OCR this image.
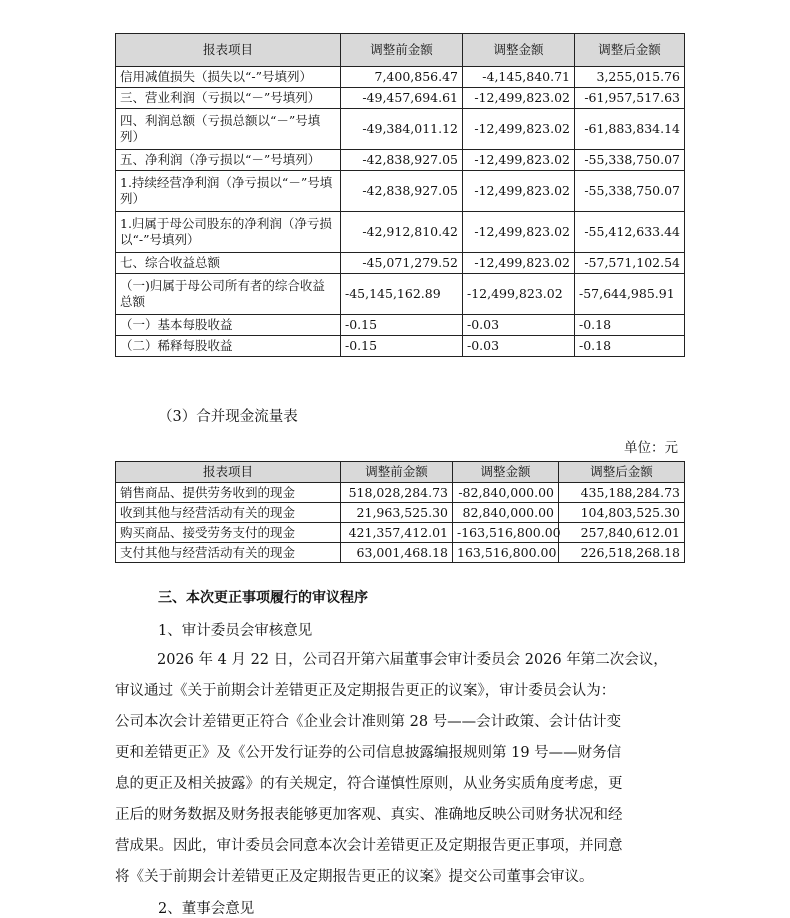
报表项目	调整前金额	调整金额	调整后金额
信用减值损失（损失以“-”号填列）	7,400,856.47	-4,145,840.71	3,255,015.76
三、营业利润（亏损以“－”号填列）	-49,457,694.61	-12,499,823.02	-61,957,517.63
四、利润总额（亏损总额以“－”号填列）	-49,384,011.12	-12,499,823.02	-61,883,834.14
五、净利润（净亏损以“－”号填列）	-42,838,927.05	-12,499,823.02	-55,338,750.07
1.持续经营净利润（净亏损以“－”号填列）	-42,838,927.05	-12,499,823.02	-55,338,750.07
1.归属于母公司股东的净利润（净亏损以“-”号填列）	-42,912,810.42	-12,499,823.02	-55,412,633.44
七、综合收益总额	-45,071,279.52	-12,499,823.02	-57,571,102.54
（一)归属于母公司所有者的综合收益总额	-45,145,162.89	-12,499,823.02	-57,644,985.91
（一）基本每股收益	-0.15	-0.03	-0.18
（二）稀释每股收益	-0.15	-0.03	-0.18
（3）合并现金流量表
单位：元
报表项目	调整前金额	调整金额	调整后金额
销售商品、提供劳务收到的现金	518,028,284.73	-82,840,000.00	435,188,284.73
收到其他与经营活动有关的现金	21,963,525.30	82,840,000.00	104,803,525.30
购买商品、接受劳务支付的现金	421,357,412.01	-163,516,800.00	257,840,612.01
支付其他与经营活动有关的现金	63,001,468.18	163,516,800.00	226,518,268.18
三、本次更正事项履行的审议程序
1、审计委员会审核意见
2026 年 4 月 22 日，公司召开第六届董事会审计委员会 2026 年第二次会议，
审议通过《关于前期会计差错更正及定期报告更正的议案》，审计委员会认为：
公司本次会计差错更正符合《企业会计准则第 28 号——会计政策、会计估计变
更和差错更正》及《公开发行证券的公司信息披露编报规则第 19 号——财务信
息的更正及相关披露》的有关规定，符合谨慎性原则，从业务实质角度考虑，更
正后的财务数据及财务报表能够更加客观、真实、准确地反映公司财务状况和经
营成果。因此，审计委员会同意本次会计差错更正及定期报告更正事项，并同意
将《关于前期会计差错更正及定期报告更正的议案》提交公司董事会审议。
2、董事会意见
